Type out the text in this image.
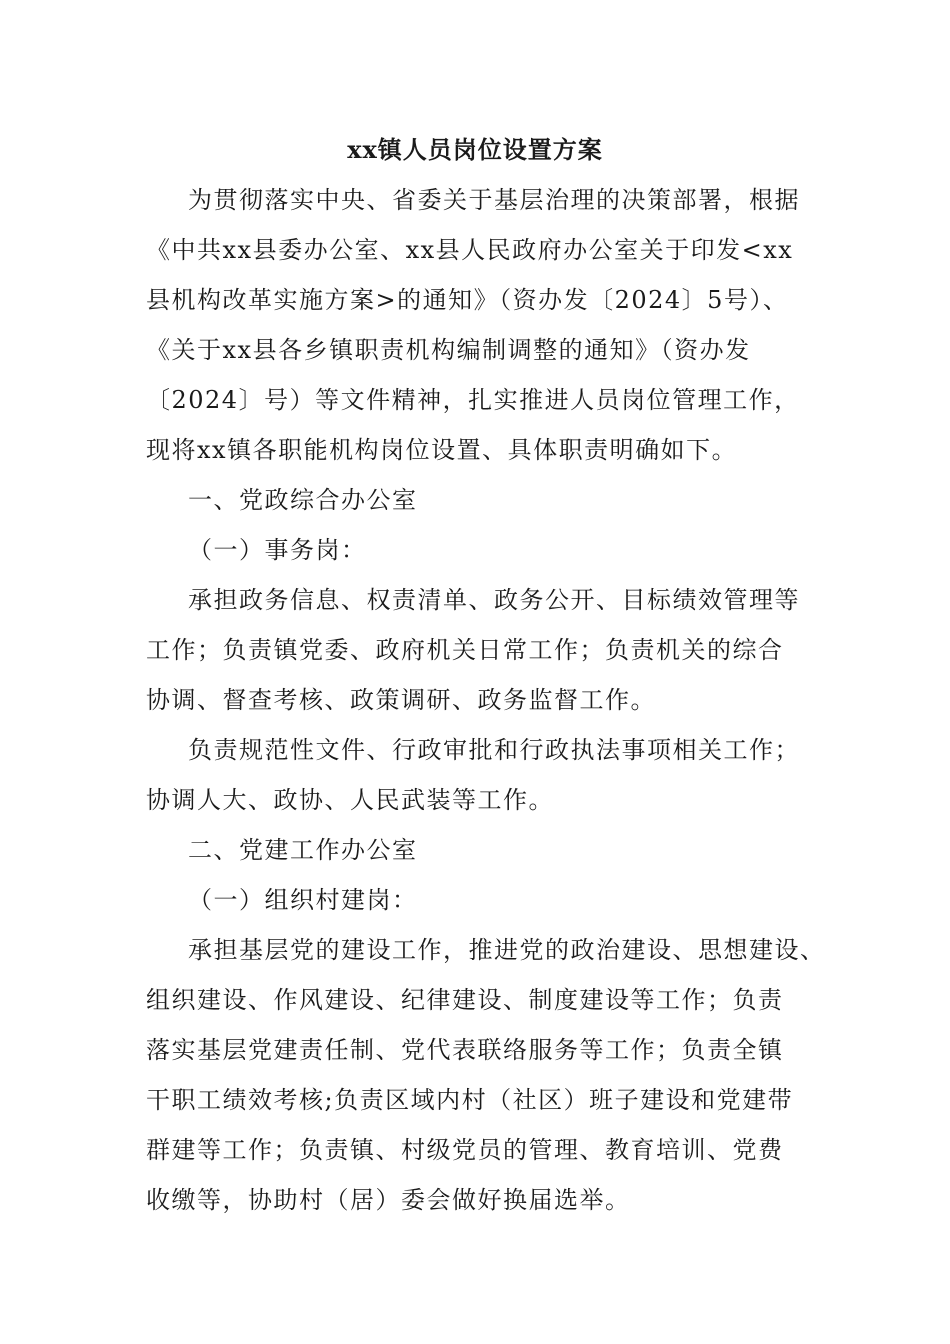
xx镇人员岗位设置方案
为贯彻落实中央、省委关于基层治理的决策部署，根据
《中共xx县委办公室、xx县人民政府办公室关于印发<xx
县机构改革实施方案>的通知》（资办发〔2024〕5号）、
《关于xx县各乡镇职责机构编制调整的通知》（资办发
〔2024〕号）等文件精神，扎实推进人员岗位管理工作，
现将xx镇各职能机构岗位设置、具体职责明确如下。
一、党政综合办公室
（一）事务岗：
承担政务信息、权责清单、政务公开、目标绩效管理等
工作；负责镇党委、政府机关日常工作；负责机关的综合
协调、督查考核、政策调研、政务监督工作。
负责规范性文件、行政审批和行政执法事项相关工作；
协调人大、政协、人民武装等工作。
二、党建工作办公室
（一）组织村建岗：
承担基层党的建设工作，推进党的政治建设、思想建设、
组织建设、作风建设、纪律建设、制度建设等工作；负责
落实基层党建责任制、党代表联络服务等工作；负责全镇
干职工绩效考核;负责区域内村（社区）班子建设和党建带
群建等工作；负责镇、村级党员的管理、教育培训、党费
收缴等，协助村（居）委会做好换届选举。
